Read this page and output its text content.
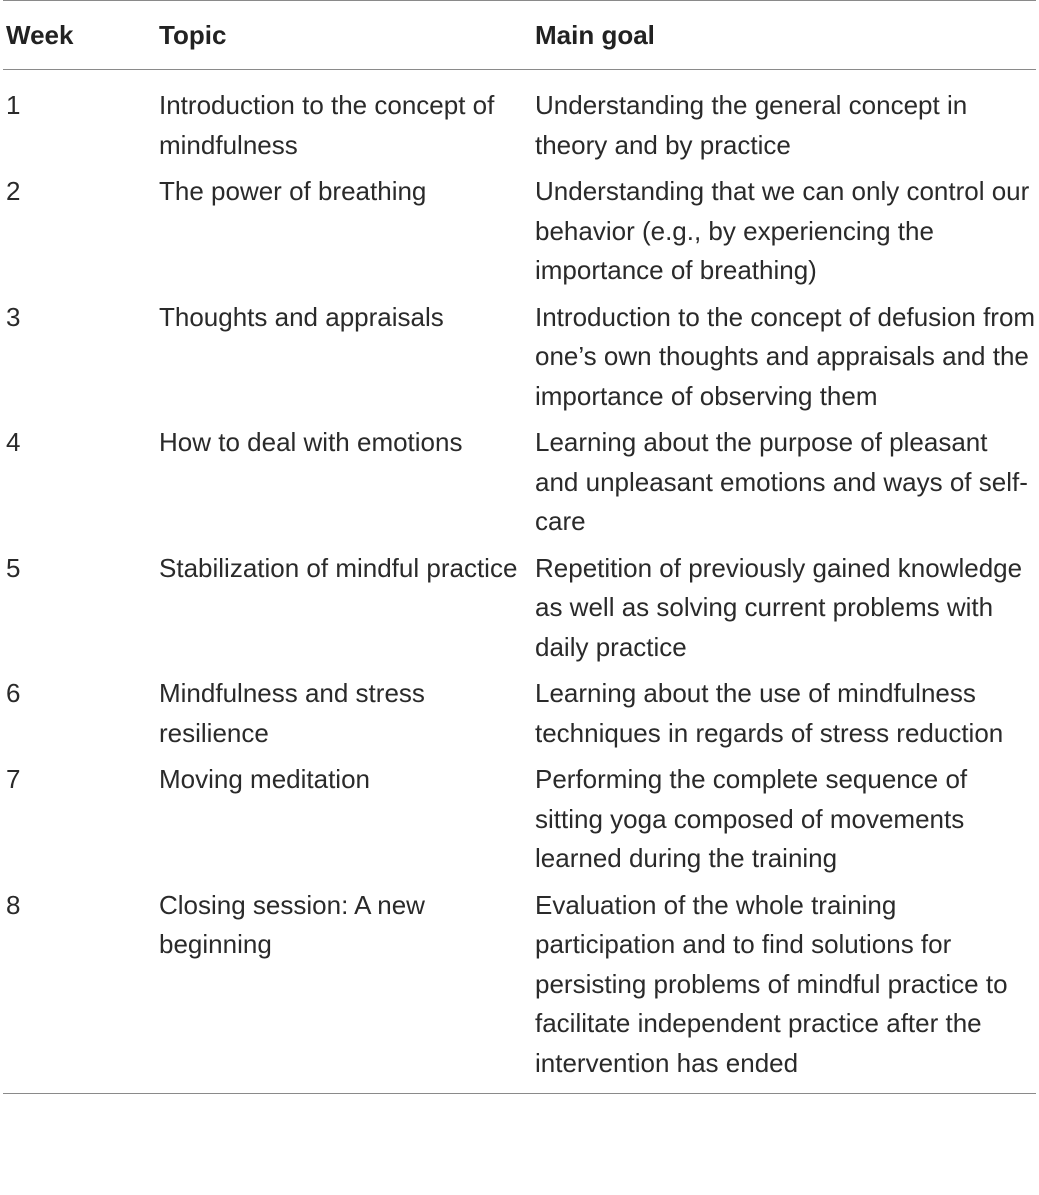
Week	Topic	Main goal
1	Introduction to the concept of mindfulness	Understanding the general concept in theory and by practice
2	The power of breathing	Understanding that we can only control our behavior (e.g., by experiencing the importance of breathing)
3	Thoughts and appraisals	Introduction to the concept of defusion from one’s own thoughts and appraisals and the importance of observing them
4	How to deal with emotions	Learning about the purpose of pleasant and unpleasant emotions and ways of self-care
5	Stabilization of mindful practice	Repetition of previously gained knowledge as well as solving current problems with daily practice
6	Mindfulness and stress resilience	Learning about the use of mindfulness techniques in regards of stress reduction
7	Moving meditation	Performing the complete sequence of sitting yoga composed of movements learned during the training
8	Closing session: A new beginning	Evaluation of the whole training participation and to find solutions for persisting problems of mindful practice to facilitate independent practice after the intervention has ended
